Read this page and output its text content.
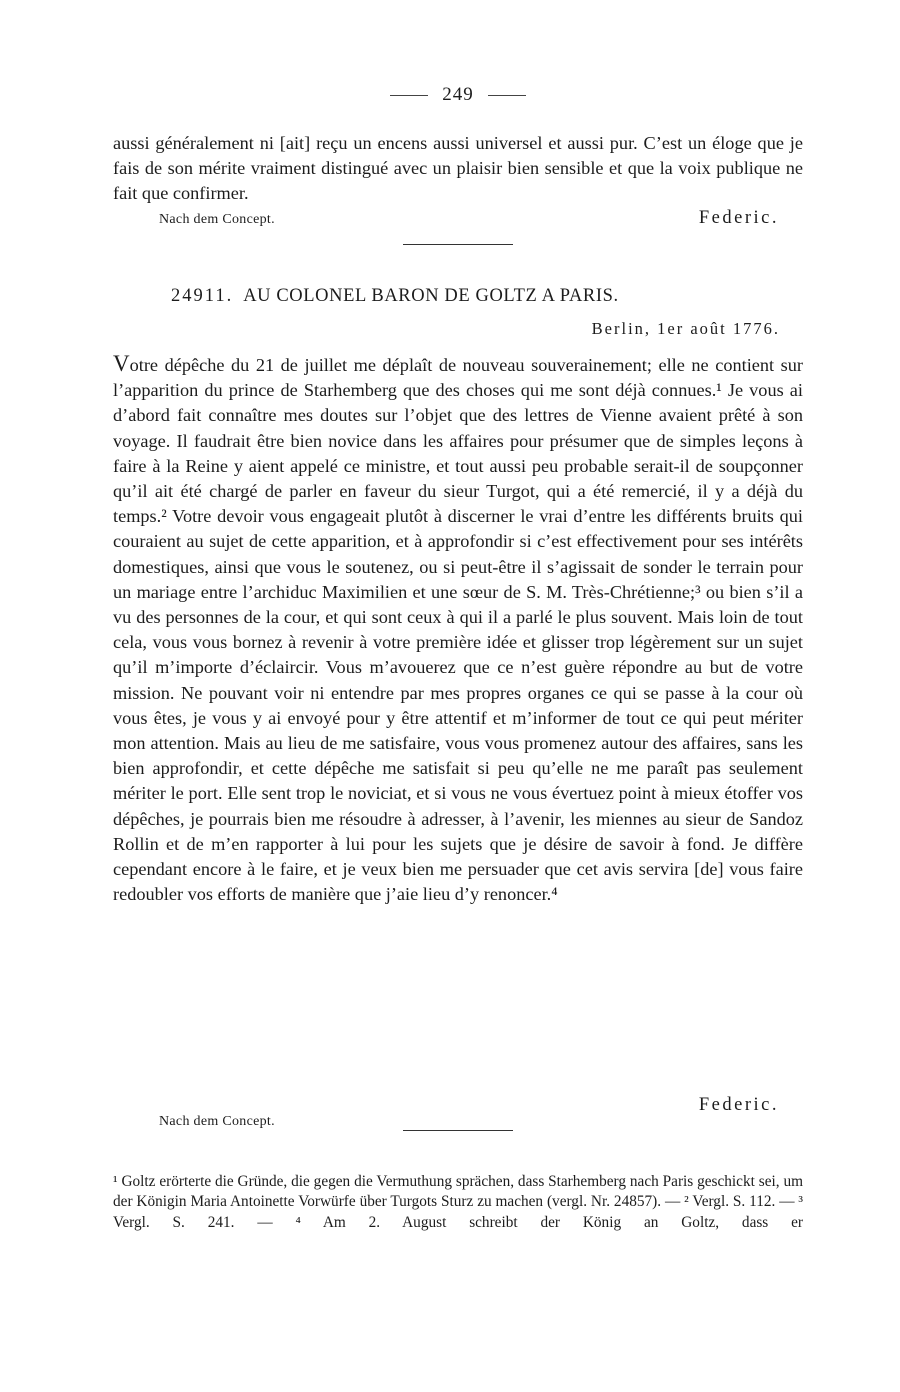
249

aussi généralement ni [ait] reçu un encens aussi universel et aussi pur. C’est un éloge que je fais de son mérite vraiment distingué avec un plaisir bien sensible et que la voix publique ne fait que confirmer.

Nach dem Concept.	Federic.
24911. AU COLONEL BARON DE GOLTZ A PARIS.
Berlin, 1er août 1776.

Votre dépêche du 21 de juillet me déplaît de nouveau souverainement; elle ne contient sur l’apparition du prince de Starhemberg que des choses qui me sont déjà connues.¹ Je vous ai d’abord fait connaître mes doutes sur l’objet que des lettres de Vienne avaient prêté à son voyage. Il faudrait être bien novice dans les affaires pour présumer que de simples leçons à faire à la Reine y aient appelé ce ministre, et tout aussi peu probable serait-il de soupçonner qu’il ait été chargé de parler en faveur du sieur Turgot, qui a été remercié, il y a déjà du temps.² Votre devoir vous engageait plutôt à discerner le vrai d’entre les différents bruits qui couraient au sujet de cette apparition, et à approfondir si c’est effectivement pour ses intérêts domestiques, ainsi que vous le soutenez, ou si peut-être il s’agissait de sonder le terrain pour un mariage entre l’archiduc Maximilien et une sœur de S. M. Très-Chrétienne;³ ou bien s’il a vu des personnes de la cour, et qui sont ceux à qui il a parlé le plus souvent. Mais loin de tout cela, vous vous bornez à revenir à votre première idée et glisser trop légèrement sur un sujet qu’il m’importe d’éclaircir. Vous m’avouerez que ce n’est guère répondre au but de votre mission. Ne pouvant voir ni entendre par mes propres organes ce qui se passe à la cour où vous êtes, je vous y ai envoyé pour y être attentif et m’informer de tout ce qui peut mériter mon attention. Mais au lieu de me satisfaire, vous vous promenez autour des affaires, sans les bien approfondir, et cette dépêche me satisfait si peu qu’elle ne me paraît pas seulement mériter le port. Elle sent trop le noviciat, et si vous ne vous évertuez point à mieux étoffer vos dépêches, je pourrais bien me résoudre à adresser, à l’avenir, les miennes au sieur de Sandoz Rollin et de m’en rapporter à lui pour les sujets que je désire de savoir à fond. Je diffère cependant encore à le faire, et je veux bien me persuader que cet avis servira [de] vous faire redoubler vos efforts de manière que j’aie lieu d’y renoncer.⁴

Federic.
Nach dem Concept.

¹ Goltz erörterte die Gründe, die gegen die Vermuthung sprächen, dass Starhemberg nach Paris geschickt sei, um der Königin Maria Antoinette Vorwürfe über Turgots Sturz zu machen (vergl. Nr. 24857). — ² Vergl. S. 112. — ³ Vergl. S. 241. — ⁴ Am 2. August schreibt der König an Goltz, dass er
